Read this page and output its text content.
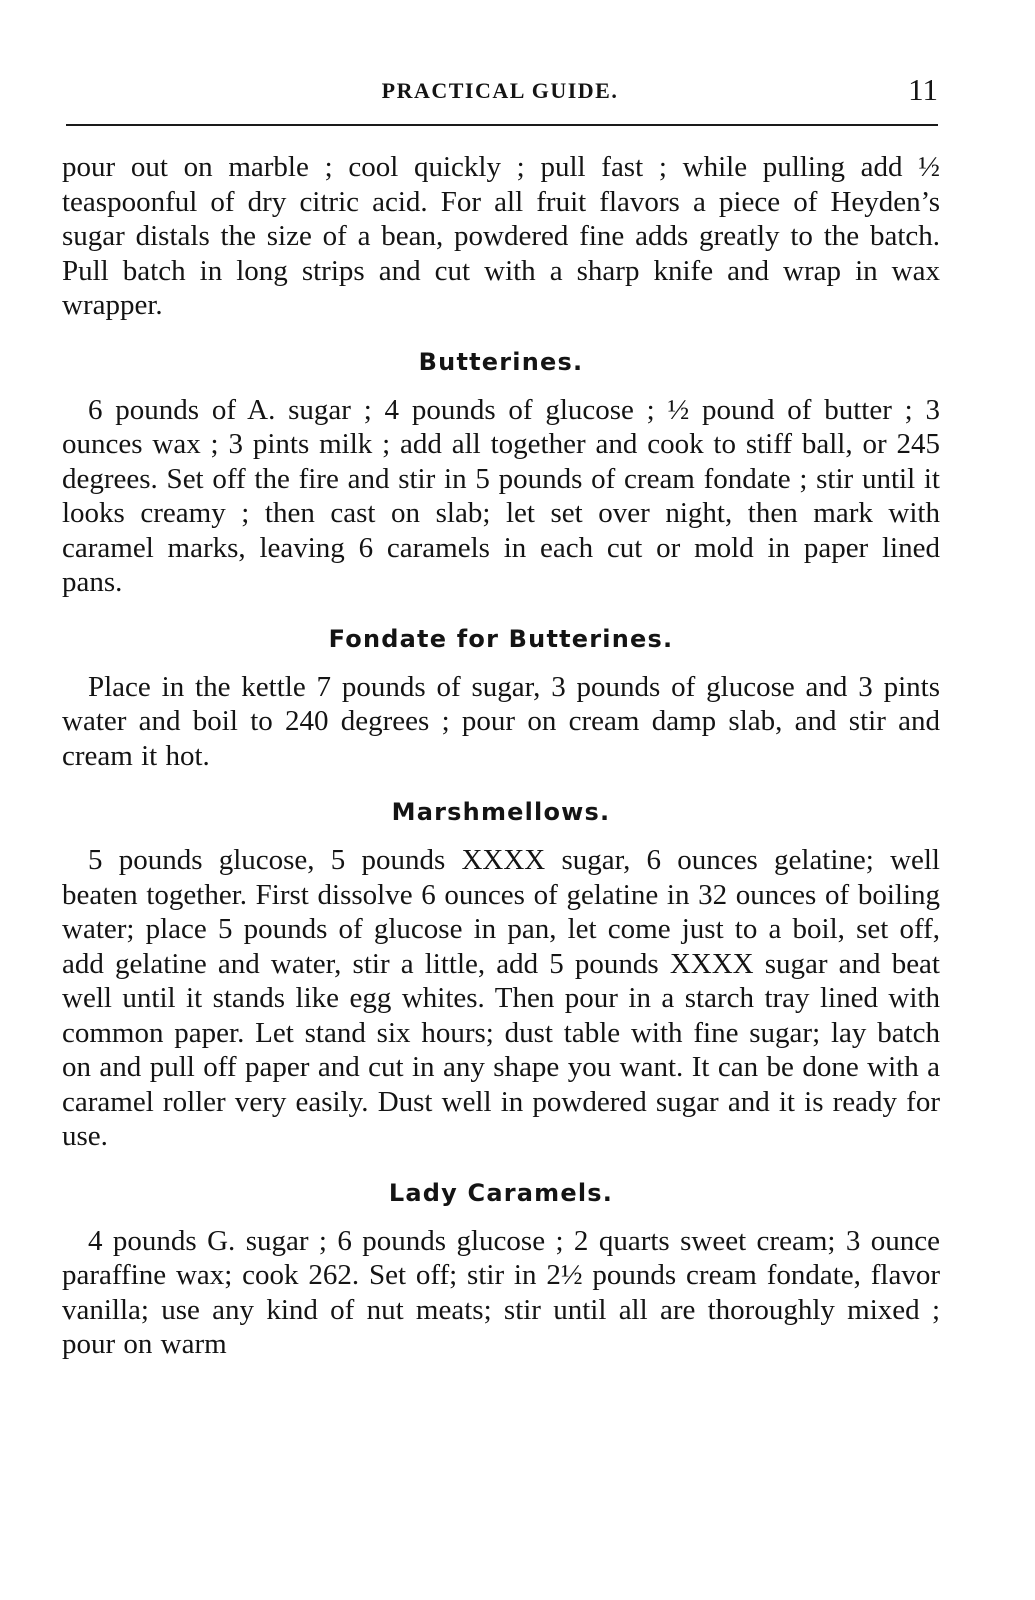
PRACTICAL GUIDE.	11

pour out on marble ; cool quickly ; pull fast ; while pulling add ½ teaspoonful of dry citric acid. For all fruit flavors a piece of Heyden’s sugar distals the size of a bean, powdered fine adds greatly to the batch. Pull batch in long strips and cut with a sharp knife and wrap in wax wrapper.

Butterines.

6 pounds of A. sugar ; 4 pounds of glucose ; ½ pound of butter ; 3 ounces wax ; 3 pints milk ; add all together and cook to stiff ball, or 245 degrees. Set off the fire and stir in 5 pounds of cream fondate ; stir until it looks creamy ; then cast on slab; let set over night, then mark with caramel marks, leaving 6 caramels in each cut or mold in paper lined pans.

Fondate for Butterines.

Place in the kettle 7 pounds of sugar, 3 pounds of glucose and 3 pints water and boil to 240 degrees ; pour on cream damp slab, and stir and cream it hot.

Marshmellows.

5 pounds glucose, 5 pounds XXXX sugar, 6 ounces gelatine; well beaten together. First dissolve 6 ounces of gelatine in 32 ounces of boiling water; place 5 pounds of glucose in pan, let come just to a boil, set off, add gelatine and water, stir a little, add 5 pounds XXXX sugar and beat well until it stands like egg whites. Then pour in a starch tray lined with common paper. Let stand six hours; dust table with fine sugar; lay batch on and pull off paper and cut in any shape you want. It can be done with a caramel roller very easily. Dust well in powdered sugar and it is ready for use.

Lady Caramels.

4 pounds G. sugar ; 6 pounds glucose ; 2 quarts sweet cream; 3 ounce paraffine wax; cook 262. Set off; stir in 2½ pounds cream fondate, flavor vanilla; use any kind of nut meats; stir until all are thoroughly mixed ; pour on warm
